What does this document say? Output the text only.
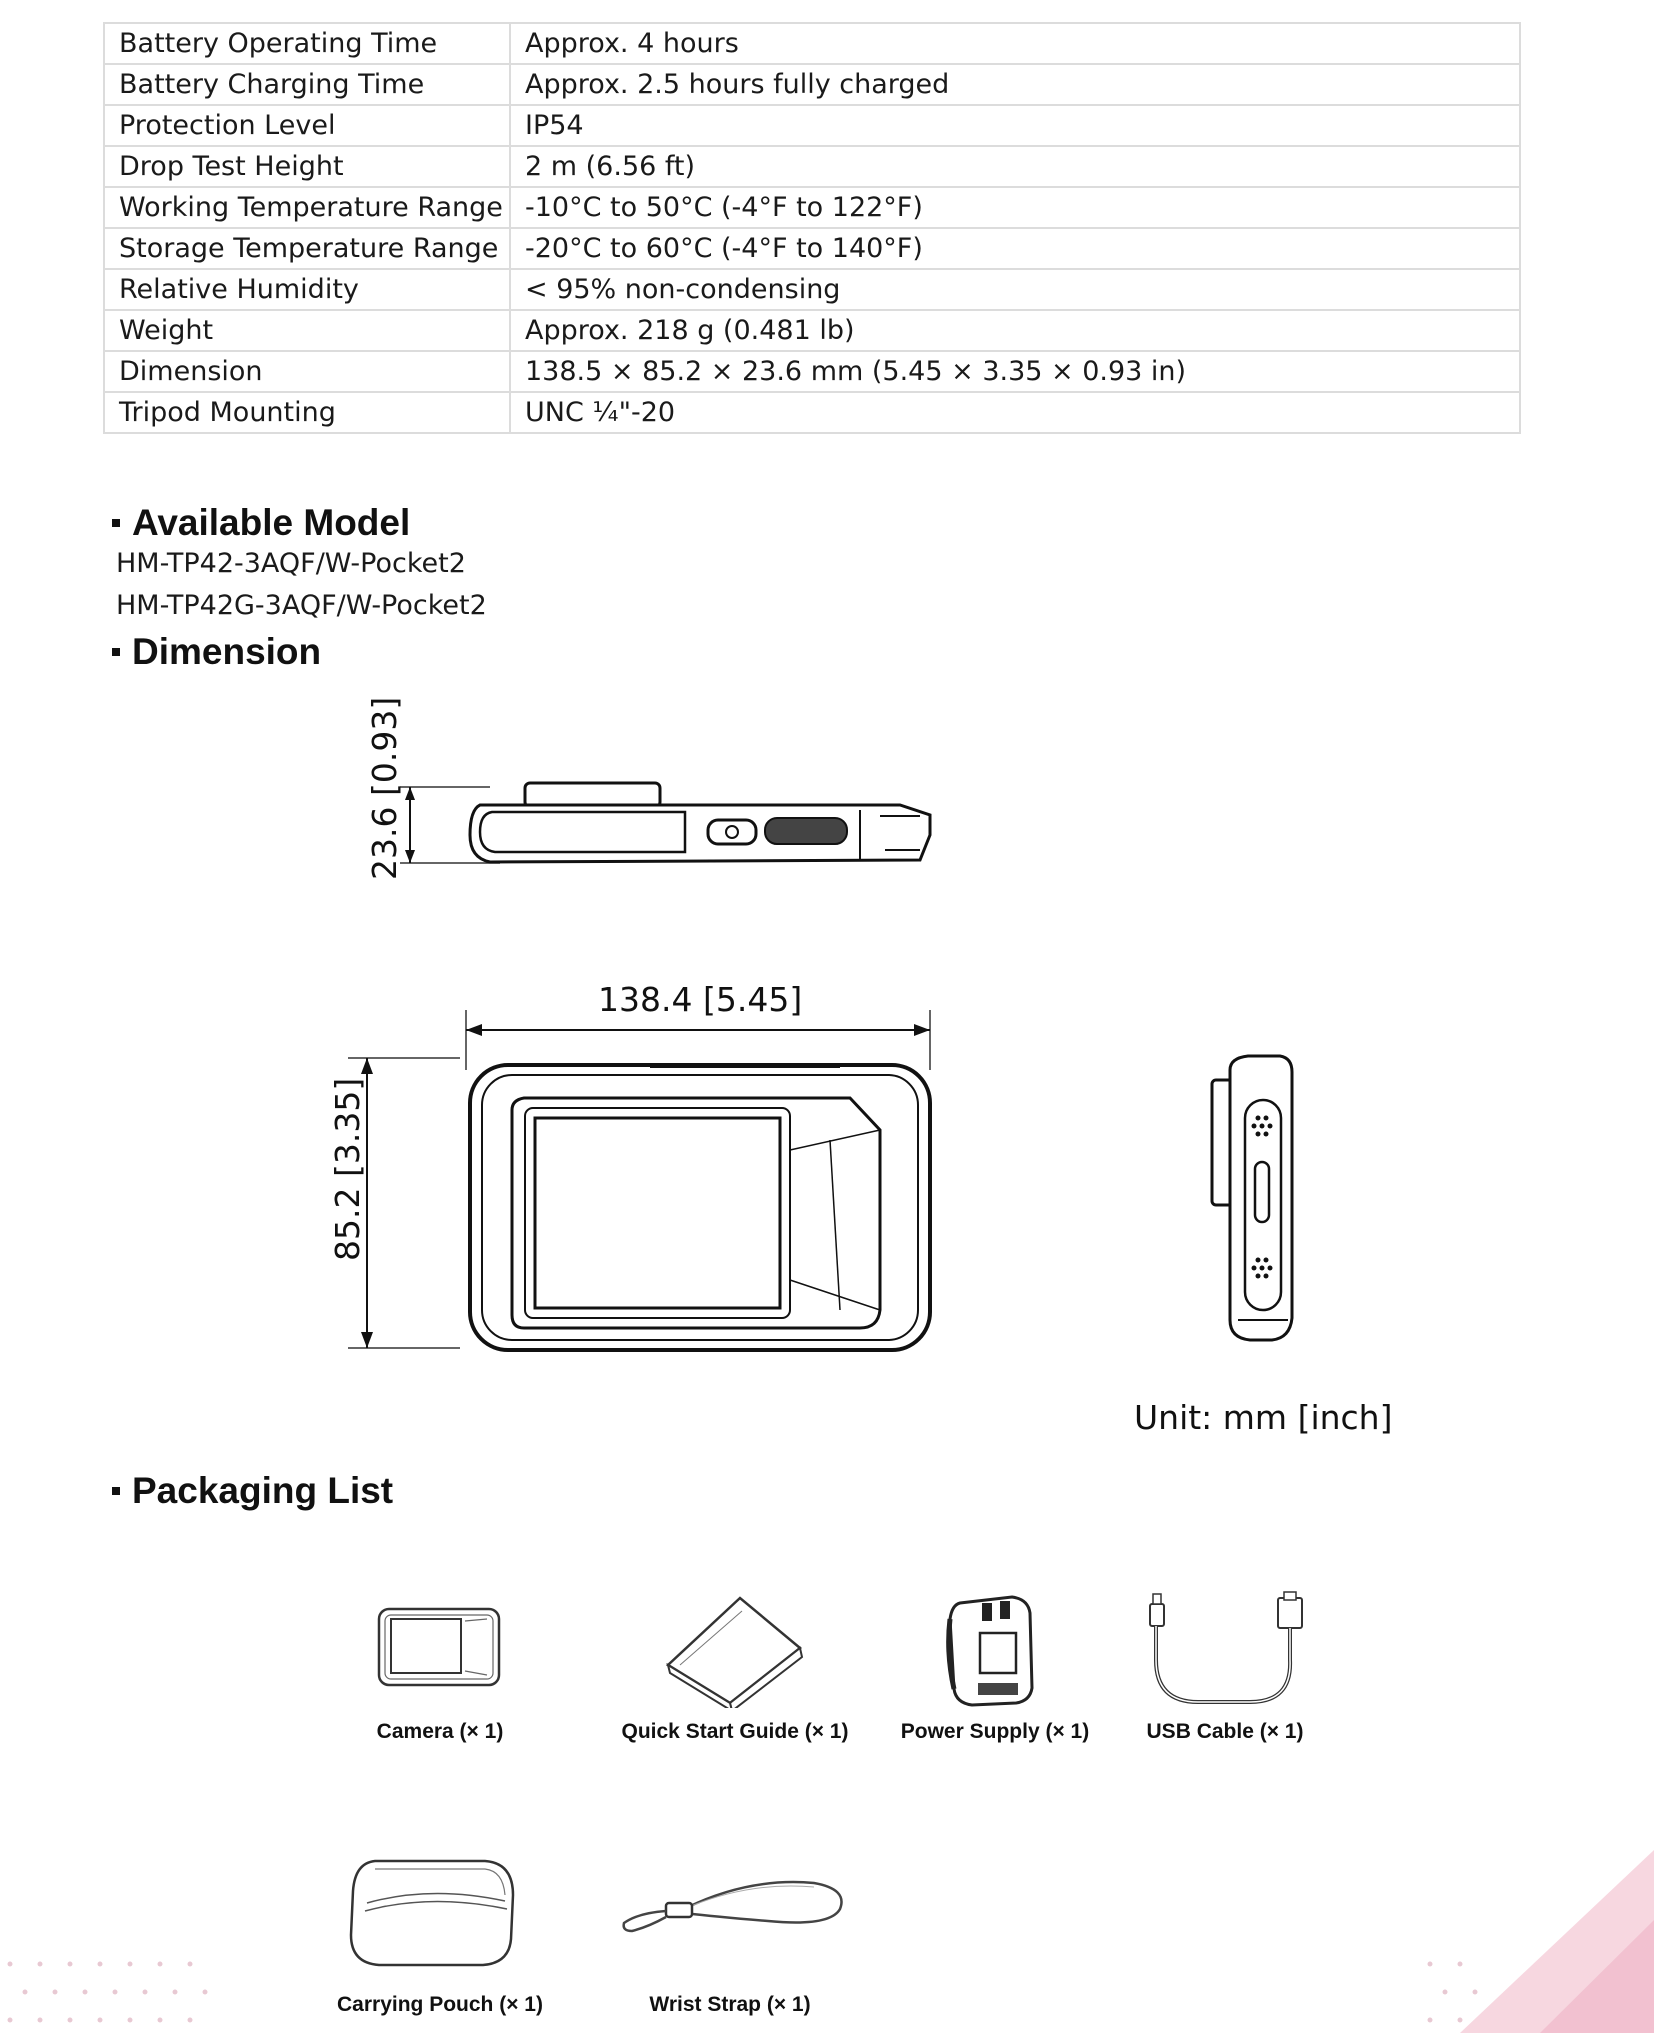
Battery Operating Time	Approx. 4 hours
Battery Charging Time	Approx. 2.5 hours fully charged
Protection Level	IP54
Drop Test Height	2 m (6.56 ft)
Working Temperature Range	-10°C to 50°C (-4°F to 122°F)
Storage Temperature Range	-20°C to 60°C (-4°F to 140°F)
Relative Humidity	< 95% non-condensing
Weight	Approx. 218 g (0.481 lb)
Dimension	138.5 × 85.2 × 23.6 mm (5.45 × 3.35 × 0.93 in)
Tripod Mounting	UNC ¼"-20
Available Model
HM-TP42-3AQF/W-Pocket2
HM-TP42G-3AQF/W-Pocket2
Dimension
23.6 [0.93]
138.4 [5.45]
85.2 [3.35]
Unit: mm [inch]
Packaging List
Camera (× 1)	Quick Start Guide (× 1)	Power Supply (× 1)	USB Cable (× 1)
Carrying Pouch (× 1)	Wrist Strap (× 1)
